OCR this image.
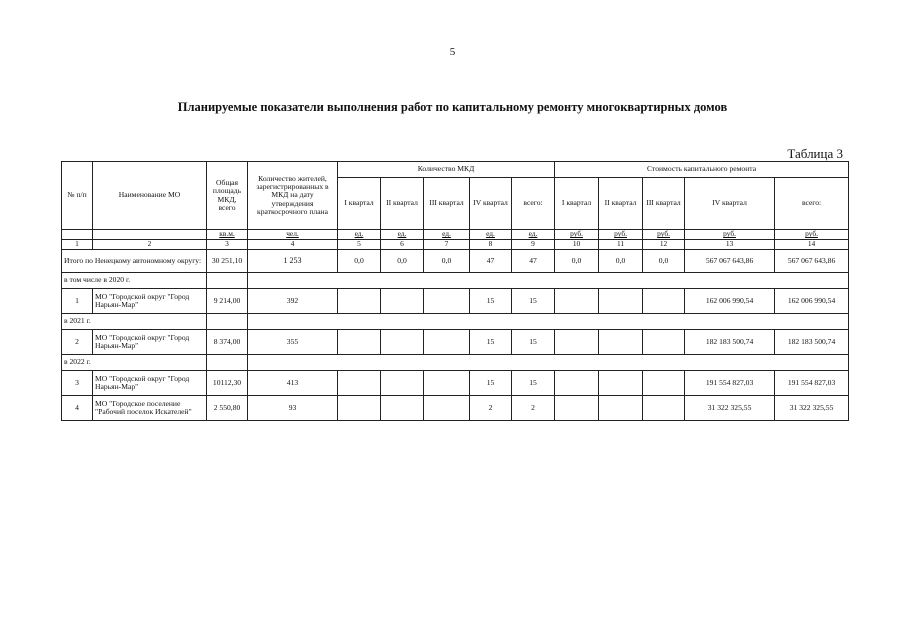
5
Планируемые показатели выполнения работ по капитальному ремонту многоквартирных домов
Таблица 3
№ п/п	Наименование МО	Общая площадь МКД, всего	Количество жителей, зарегистрированных в МКД на дату утверждения краткосрочного плана	Количество МКД					Стоимость капитального ремонта				
				I квартал	II квартал	III квартал	IV квартал	всего:	I квартал	II квартал	III квартал	IV квартал	всего:
		кв.м.	чел.	ед.	ед.	ед.	ед.	ед.	руб.	руб.	руб.	руб.	руб.
1	2	3	4	5	6	7	8	9	10	11	12	13	14
Итого по Ненецкому автономному округу:		30 251,10	1 253	0,0	0,0	0,0	47	47	0,0	0,0	0,0	567 067 643,86	567 067 643,86
в том числе в 2020 г.													
1	МО "Городской округ "Город Нарьян-Мар"	9 214,00	392				15	15				162 006 990,54	162 006 990,54
в 2021 г.													
2	МО "Городской округ "Город Нарьян-Мар"	8 374,00	355				15	15				182 183 500,74	182 183 500,74
в 2022 г.													
3	МО "Городской округ "Город Нарьян-Мар"	10112,30	413				15	15				191 554 827,03	191 554 827,03
4	МО "Городское поселение "Рабочий поселок Искателей"	2 550,80	93				2	2				31 322 325,55	31 322 325,55
